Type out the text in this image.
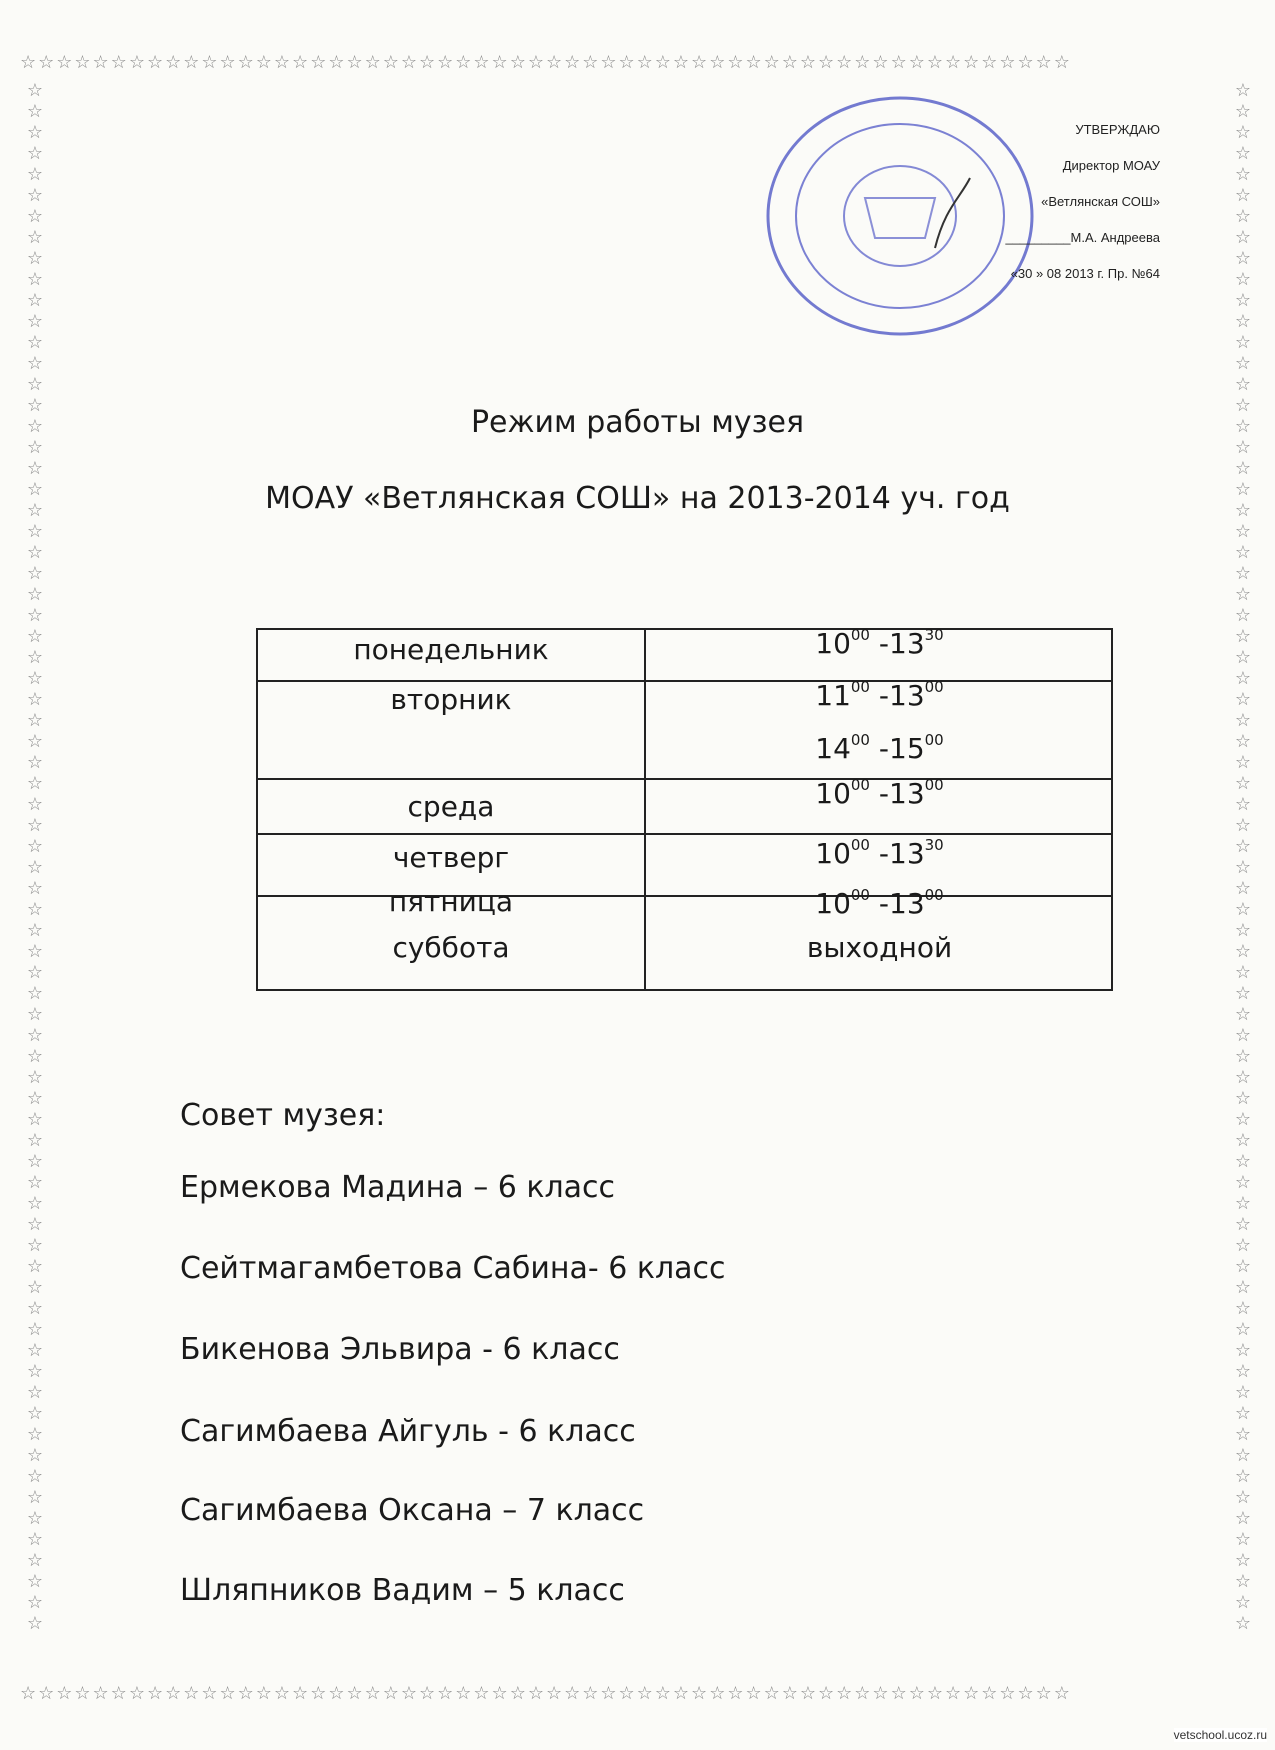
☆☆☆☆☆☆☆☆☆☆☆☆☆☆☆☆☆☆☆☆☆☆☆☆☆☆☆☆☆☆☆☆☆☆☆☆☆☆☆☆☆☆☆☆☆☆☆☆☆☆☆☆☆☆☆☆☆☆
☆☆☆☆☆☆☆☆☆☆☆☆☆☆☆☆☆☆☆☆☆☆☆☆☆☆☆☆☆☆☆☆☆☆☆☆☆☆☆☆☆☆☆☆☆☆☆☆☆☆☆☆☆☆☆☆☆☆
☆☆☆☆☆☆☆☆☆☆☆☆☆☆☆☆☆☆☆☆☆☆☆☆☆☆☆☆☆☆☆☆☆☆☆☆☆☆☆☆☆☆☆☆☆☆☆☆☆☆☆☆☆☆☆☆☆☆☆☆☆☆☆☆☆☆☆☆☆☆☆☆☆☆
☆☆☆☆☆☆☆☆☆☆☆☆☆☆☆☆☆☆☆☆☆☆☆☆☆☆☆☆☆☆☆☆☆☆☆☆☆☆☆☆☆☆☆☆☆☆☆☆☆☆☆☆☆☆☆☆☆☆☆☆☆☆☆☆☆☆☆☆☆☆☆☆☆☆
УТВЕРЖДАЮ
Директор МОАУ
«Ветлянская СОШ»
_________М.А. Андреева
«30 » 08 2013 г. Пр. №64
Режим работы музея
МОАУ «Ветлянская СОШ» на 2013-2014 уч. год
понедельник	$10^{00}$ $-13^{30}$
вторник	$11^{00}$ $-13^{00}$
$14^{00}$ $-15^{00}$
среда	$10^{00}$ $-13^{00}$
четверг	$10^{00}$ $-13^{30}$
пятница	$10^{00}$ $-13^{00}$
суббота	выходной
Совет музея:
Ермекова Мадина – 6 класс
Сейтмагамбетова Сабина- 6 класс
Бикенова Эльвира - 6 класс
Сагимбаева Айгуль - 6 класс
Сагимбаева Оксана – 7 класс
Шляпников Вадим – 5 класс
vetschool.ucoz.ru
